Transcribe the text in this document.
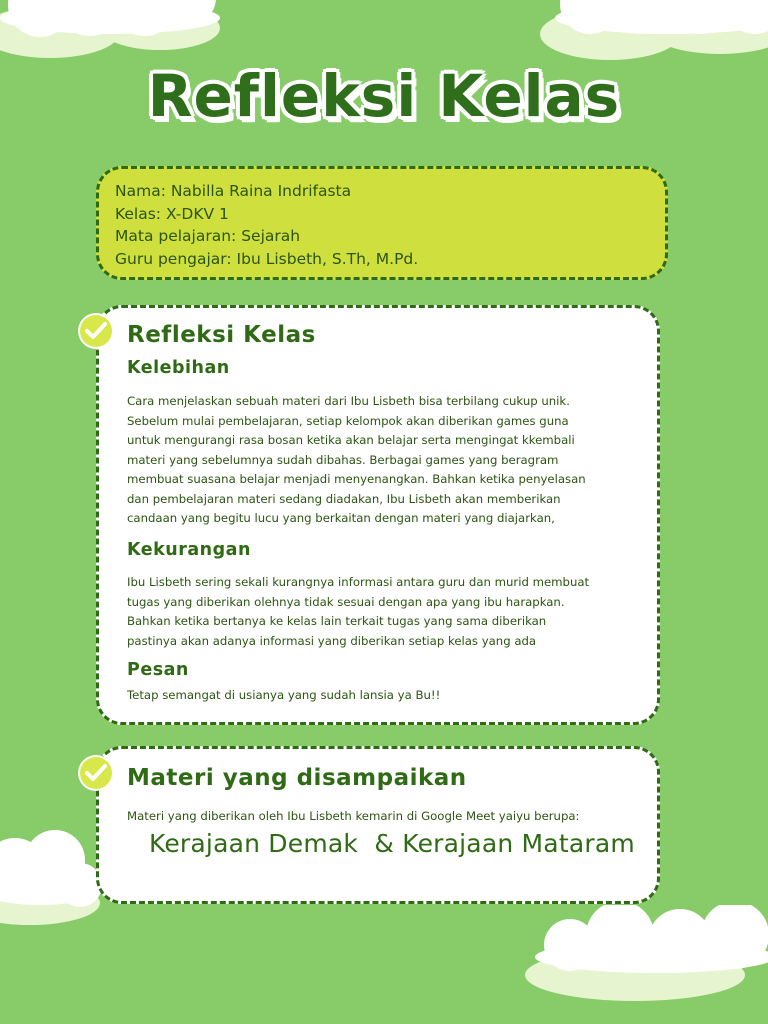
Refleksi Kelas
Nama: Nabilla Raina Indrifasta
Kelas: X-DKV 1
Mata pelajaran: Sejarah
Guru pengajar: Ibu Lisbeth, S.Th, M.Pd.
Refleksi Kelas
Kelebihan
Cara menjelaskan sebuah materi dari Ibu Lisbeth bisa terbilang cukup unik.
Sebelum mulai pembelajaran, setiap kelompok akan diberikan games guna
untuk mengurangi rasa bosan ketika akan belajar serta mengingat kkembali
materi yang sebelumnya sudah dibahas. Berbagai games yang beragram
membuat suasana belajar menjadi menyenangkan. Bahkan ketika penyelasan
dan pembelajaran materi sedang diadakan, Ibu Lisbeth akan memberikan
candaan yang begitu lucu yang berkaitan dengan materi yang diajarkan,
Kekurangan
Ibu Lisbeth sering sekali kurangnya informasi antara guru dan murid membuat
tugas yang diberikan olehnya tidak sesuai dengan apa yang ibu harapkan.
Bahkan ketika bertanya ke kelas lain terkait tugas yang sama diberikan
pastinya akan adanya informasi yang diberikan setiap kelas yang ada
Pesan
Tetap semangat di usianya yang sudah lansia ya Bu!!
Materi yang disampaikan
Materi yang diberikan oleh Ibu Lisbeth kemarin di Google Meet yaiyu berupa:
Kerajaan Demak  & Kerajaan Mataram
